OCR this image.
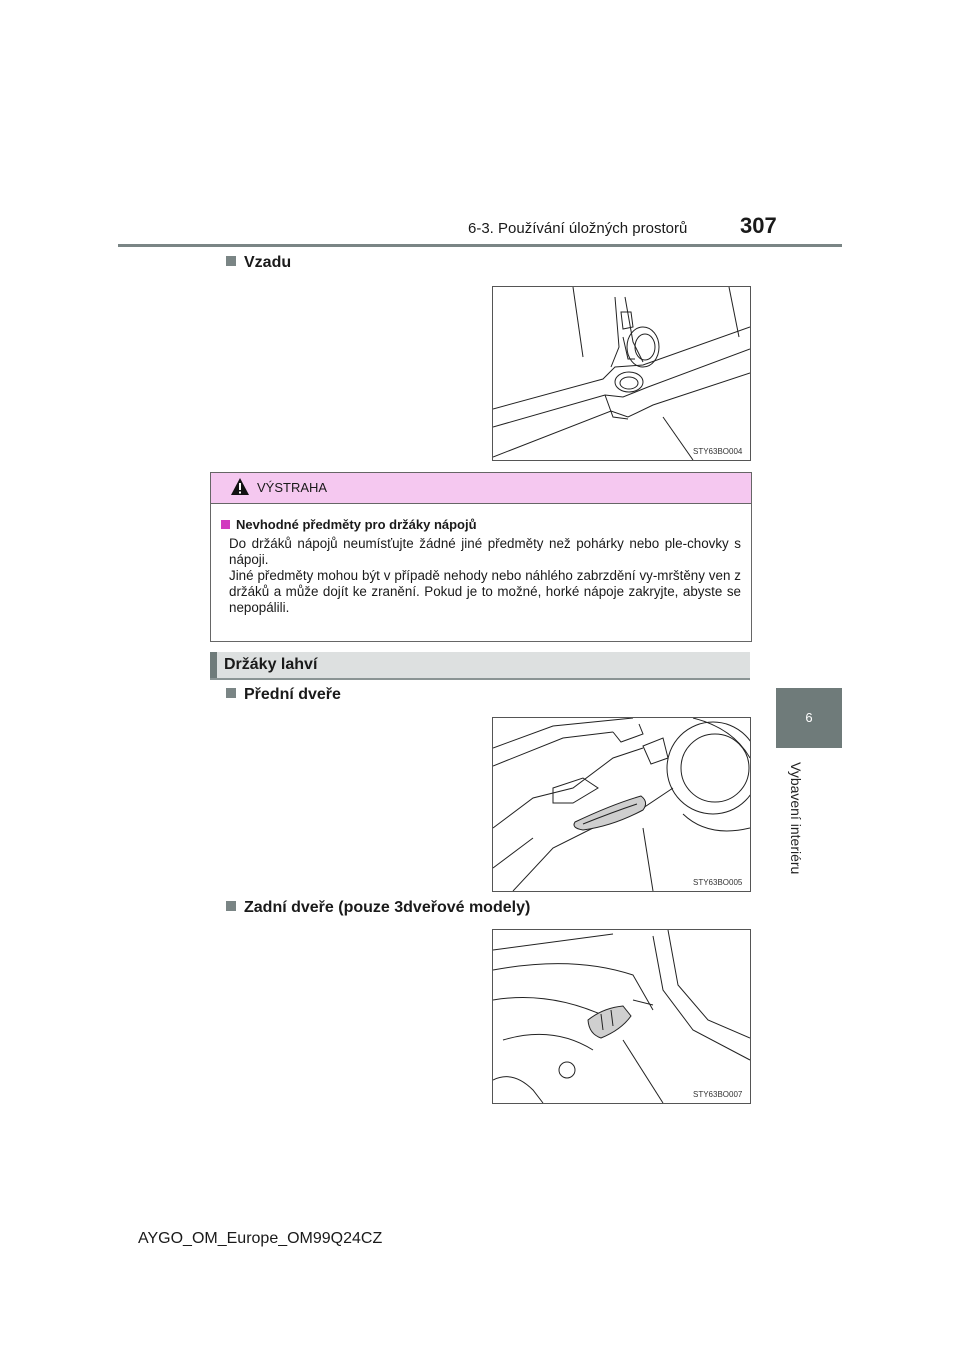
6-3. Používání úložných prostorů 307
6
Vybavení interiéru
Vzadu
STY63BO004
VÝSTRAHA
Nevhodné předměty pro držáky nápojů

Do držáků nápojů neumísťujte žádné jiné předměty než pohárky nebo ple-chovky s nápoji.

Jiné předměty mohou být v případě nehody nebo náhlého zabrzdění vy-mrštěny ven z držáků a může dojít ke zranění. Pokud je to možné, horké nápoje zakryjte, abyste se nepopálili.

Držáky lahví
Přední dveře
STY63BO005
Zadní dveře (pouze 3dveřové modely)
STY63BO007
AYGO_OM_Europe_OM99Q24CZ
